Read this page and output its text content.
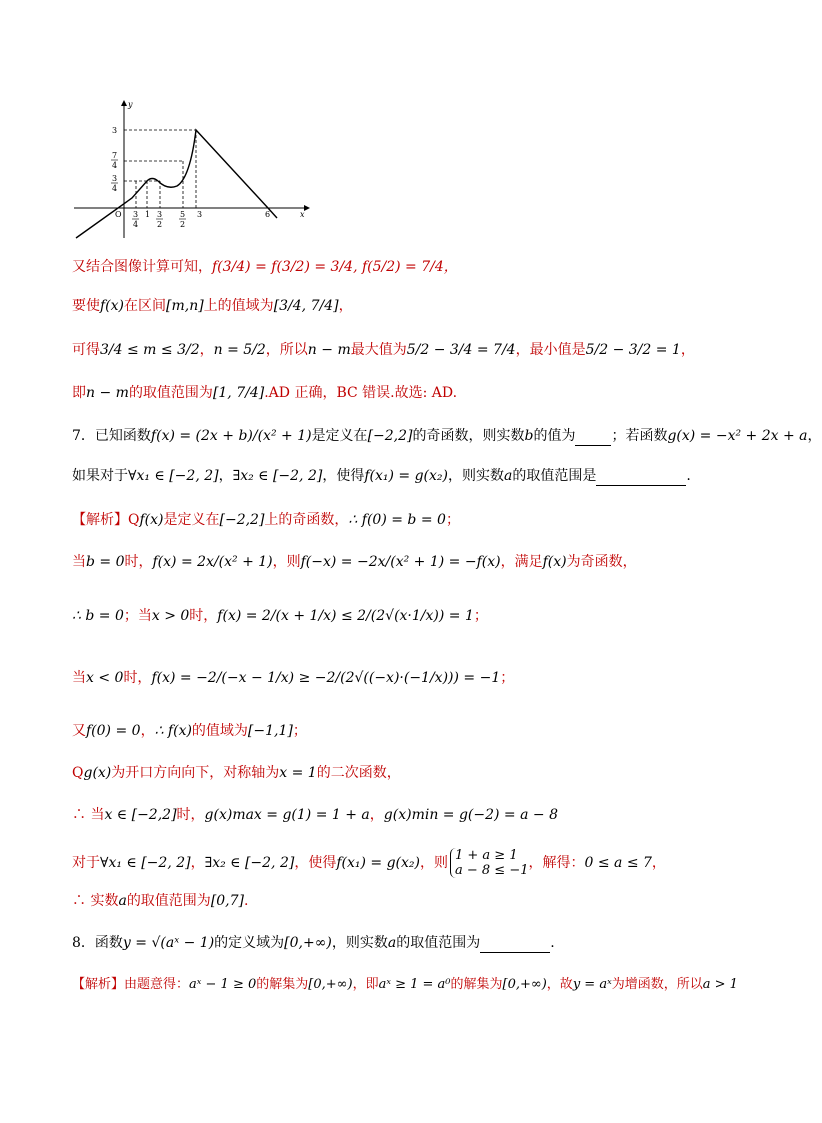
x
y
O
3
7
4
3
4
3
4
1 3
2
5
2
3	6
又结合图像计算可知，f(3/4) = f(3/2) = 3/4, f(5/2) = 7/4，
要使f(x)在区间[m,n]上的值域为[3/4, 7/4]，
可得3/4 ≤ m ≤ 3/2，n = 5/2，所以n − m最大值为5/2 − 3/4 = 7/4，最小值是5/2 − 3/2 = 1，
即n − m的取值范围为[1, 7/4].AD 正确，BC 错误.故选: AD.
7．已知函数f(x) = (2x + b)/(x² + 1)是定义在[−2,2]的奇函数，则实数b的值为	；若函数g(x) = −x² + 2x + a，
如果对于∀x₁ ∈ [−2, 2]，∃x₂ ∈ [−2, 2]，使得f(x₁) = g(x₂)，则实数a的取值范围是	.
【解析】Qf(x)是定义在[−2,2]上的奇函数，∴ f(0) = b = 0；
当b = 0时，f(x) = 2x/(x² + 1)，则f(−x) = −2x/(x² + 1) = −f(x)，满足f(x)为奇函数，
∴ b = 0；当x > 0时，f(x) = 2/(x + 1/x) ≤ 2/(2√(x·1/x)) = 1；
当x < 0时，f(x) = −2/(−x − 1/x) ≥ −2/(2√((−x)·(−1/x))) = −1；
又f(0) = 0，∴ f(x)的值域为[−1,1]；
Qg(x)为开口方向向下，对称轴为x = 1的二次函数，
∴ 当x ∈ [−2,2]时，g(x)max = g(1) = 1 + a，g(x)min = g(−2) = a − 8
对于∀x₁ ∈ [−2, 2]，∃x₂ ∈ [−2, 2]，使得f(x₁) = g(x₂)，则 1 + a ≥ 1
a − 8 ≤ −1 ，解得：0 ≤ a ≤ 7，
∴ 实数a的取值范围为[0,7].
8．函数y = √(aˣ − 1)的定义域为[0,+∞)，则实数a的取值范围为	.
【解析】由题意得：aˣ − 1 ≥ 0的解集为[0,+∞)，即aˣ ≥ 1 = a⁰的解集为[0,+∞)，故y = aˣ为增函数，所以a > 1
